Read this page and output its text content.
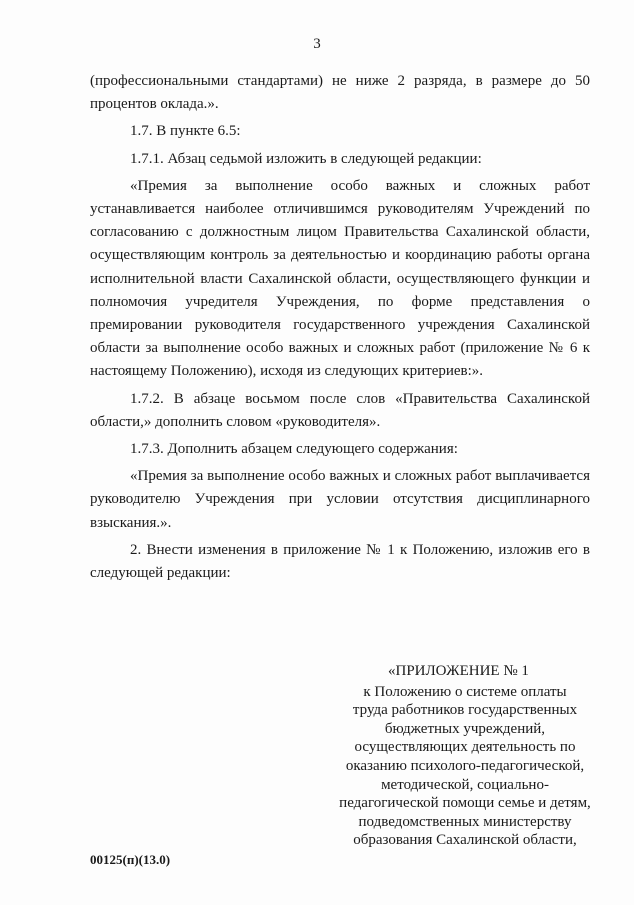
3

(профессиональными стандартами) не ниже 2 разряда, в размере до 50 процентов оклада.».

1.7. В пункте 6.5:

1.7.1. Абзац седьмой изложить в следующей редакции:

«Премия за выполнение особо важных и сложных работ устанавливается наиболее отличившимся руководителям Учреждений по согласованию с должностным лицом Правительства Сахалинской области, осуществляющим контроль за деятельностью и координацию работы органа исполнительной власти Сахалинской области, осуществляющего функции и полномочия учредителя Учреждения, по форме представления о премировании руководителя государственного учреждения Сахалинской области за выполнение особо важных и сложных работ (приложение № 6 к настоящему Положению), исходя из следующих критериев:».

1.7.2. В абзаце восьмом после слов «Правительства Сахалинской области,» дополнить словом «руководителя».

1.7.3. Дополнить абзацем следующего содержания:

«Премия за выполнение особо важных и сложных работ выплачивается руководителю Учреждения при условии отсутствия дисциплинарного взыскания.».

2. Внести изменения в приложение № 1 к Положению, изложив его в следующей редакции:

«ПРИЛОЖЕНИЕ № 1
к Положению о системе оплаты
труда работников государственных
бюджетных учреждений,
осуществляющих деятельность по
оказанию психолого-педагогической,
методической, социально-
педагогической помощи семье и детям,
подведомственных министерству
образования Сахалинской области,
00125(п)(13.0)
